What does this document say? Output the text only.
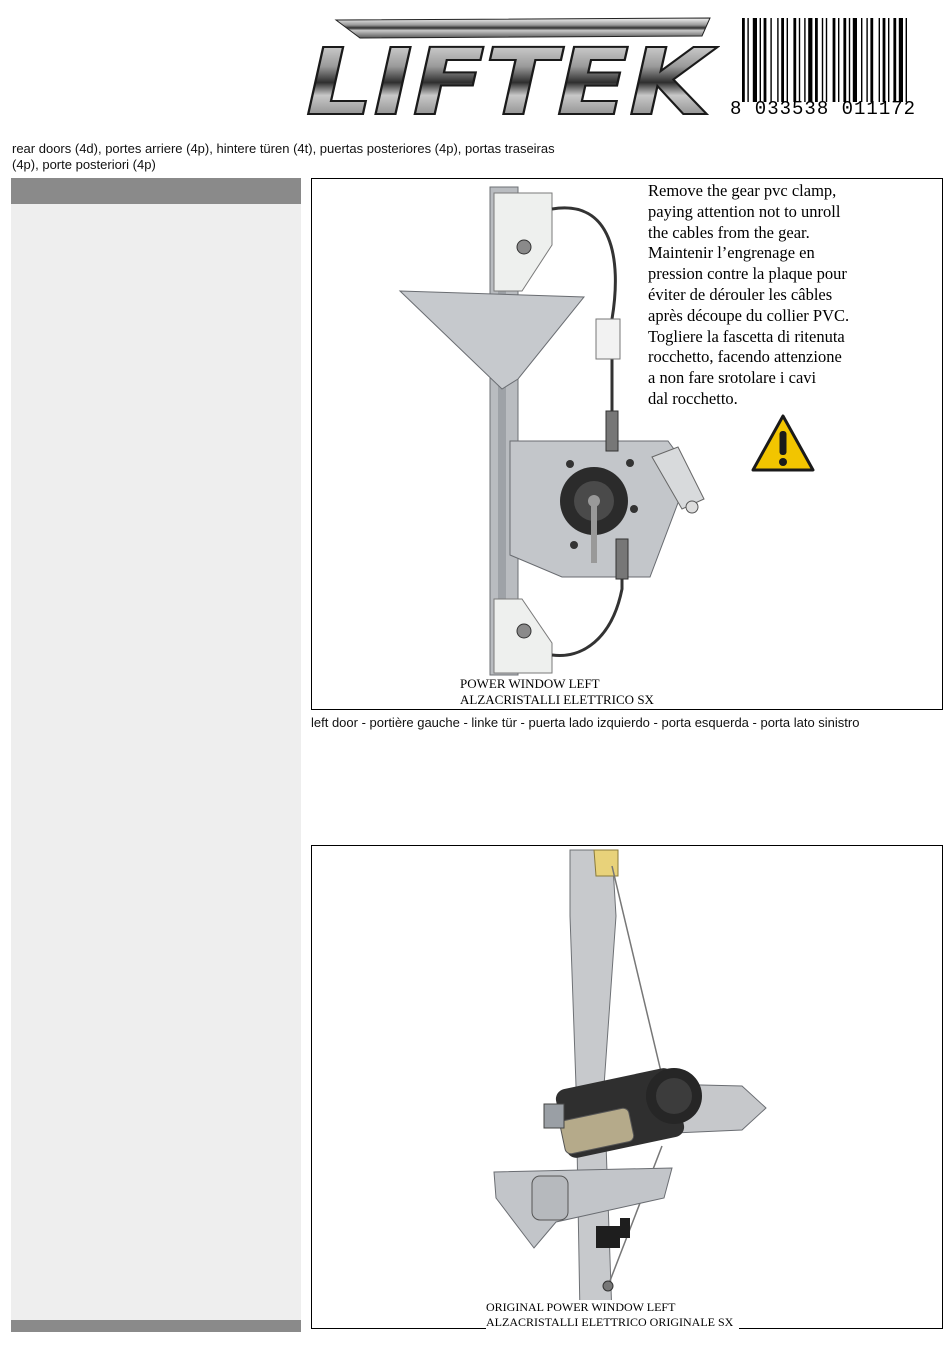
LIFTEK 8 033538 011172
rear doors (4d), portes arriere (4p), hintere türen (4t), puertas posteriores (4p), portas traseiras (4p), porte posteriori (4p)
Remove the gear pvc clamp,
paying attention not to unroll
the cables from the gear.
Maintenir l’engrenage en
pression contre la plaque pour
éviter de dérouler les câbles
après découpe du collier PVC.
Togliere la fascetta di ritenuta
rocchetto, facendo attenzione
a non fare srotolare i cavi
dal rocchetto.
POWER WINDOW LEFT
ALZACRISTALLI ELETTRICO SX
left door - portière gauche - linke tür - puerta lado izquierdo - porta esquerda - porta lato sinistro
ORIGINAL POWER WINDOW LEFT
ALZACRISTALLI ELETTRICO ORIGINALE SX
